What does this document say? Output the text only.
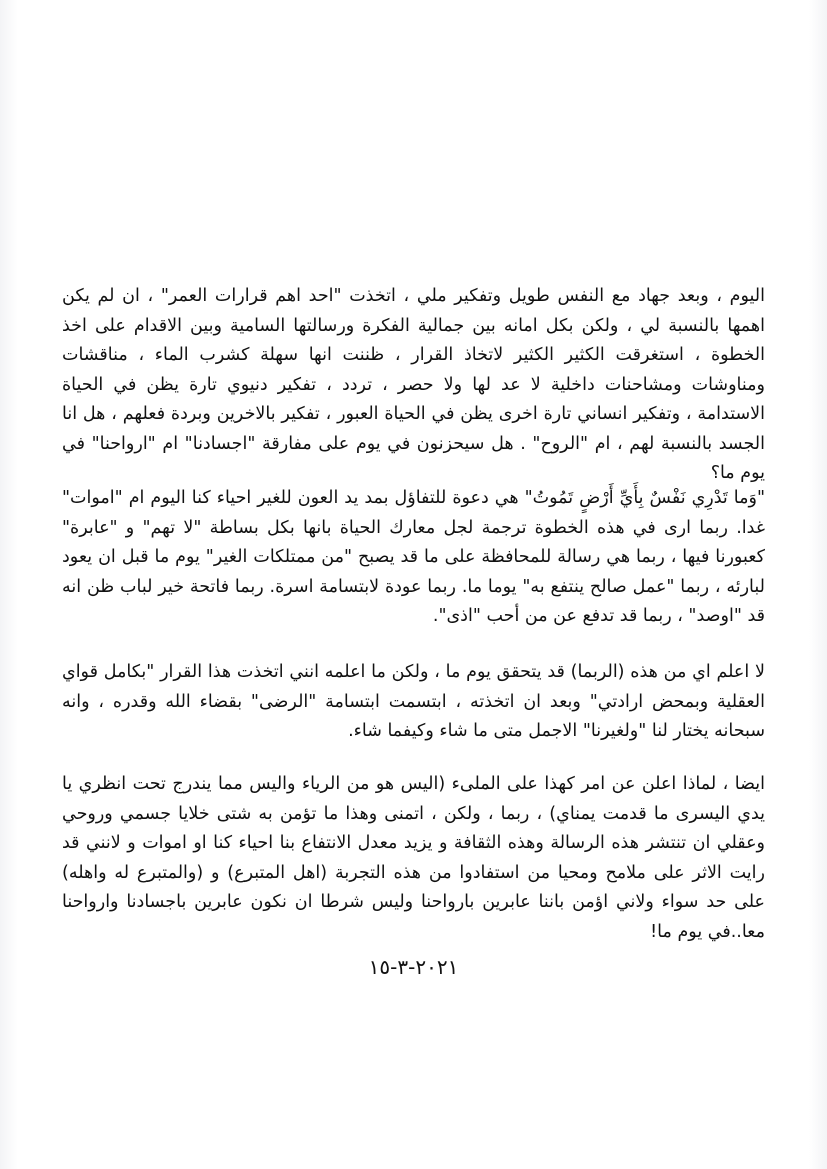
اليوم ، وبعد جهاد مع النفس طويل وتفكير ملي ، اتخذت "احد اهم قرارات العمر" ، ان لم يكن اهمها بالنسبة لي ، ولكن بكل امانه بين جمالية الفكرة ورسالتها السامية وبين الاقدام على اخذ الخطوة ، استغرقت الكثير الكثير لاتخاذ القرار ، ظننت انها سهلة كشرب الماء ، مناقشات ومناوشات ومشاحنات داخلية لا عد لها ولا حصر ، تردد ، تفكير دنيوي تارة يظن في الحياة الاستدامة ، وتفكير انساني تارة اخرى يظن في الحياة العبور ، تفكير بالاخرين وبردة فعلهم ، هل انا الجسد بالنسبة لهم ، ام "الروح" . هل سيحزنون في يوم على مفارقة "اجسادنا" ام "ارواحنا" في يوم ما؟
"وَما تَدْرِي نَفْسٌ بِأَيِّ أَرْضٍ تَمُوتُ" هي دعوة للتفاؤل بمد يد العون للغير احياء كنا اليوم ام "اموات" غدا. ربما ارى في هذه الخطوة ترجمة لجل معارك الحياة بانها بكل بساطة "لا تهم" و "عابرة" كعبورنا فيها ، ربما هي رسالة للمحافظة على ما قد يصبح "من ممتلكات الغير" يوم ما قبل ان يعود لبارئه ، ربما "عمل صالح ينتفع به" يوما ما. ربما عودة لابتسامة اسرة. ربما فاتحة خير لباب ظن انه قد "اوصد" ، ربما قد تدفع عن من أحب "اذى".
لا اعلم اي من هذه (الربما) قد يتحقق يوم ما ، ولكن ما اعلمه انني اتخذت هذا القرار "بكامل قواي العقلية وبمحض ارادتي" وبعد ان اتخذته ، ابتسمت ابتسامة "الرضى" بقضاء الله وقدره ، وانه سبحانه يختار لنا "ولغيرنا" الاجمل متى ما شاء وكيفما شاء.
ايضا ، لماذا اعلن عن امر كهذا على الملىء (اليس هو من الرياء واليس مما يندرج تحت انظري يا يدي اليسرى ما قدمت يمناي) ، ربما ، ولكن ، اتمنى وهذا ما تؤمن به شتى خلايا جسمي وروحي وعقلي ان تنتشر هذه الرسالة وهذه الثقافة و يزيد معدل الانتفاع بنا احياء كنا او اموات و لانني قد رايت الاثر على ملامح ومحيا من استفادوا من هذه التجربة (اهل المتبرع) و (والمتبرع له واهله) على حد سواء ولاني اؤمن باننا عابرين بارواحنا وليس شرطا ان نكون عابرين باجسادنا وارواحنا معا..في يوم ما!
٢٠٢١-٣-١٥
